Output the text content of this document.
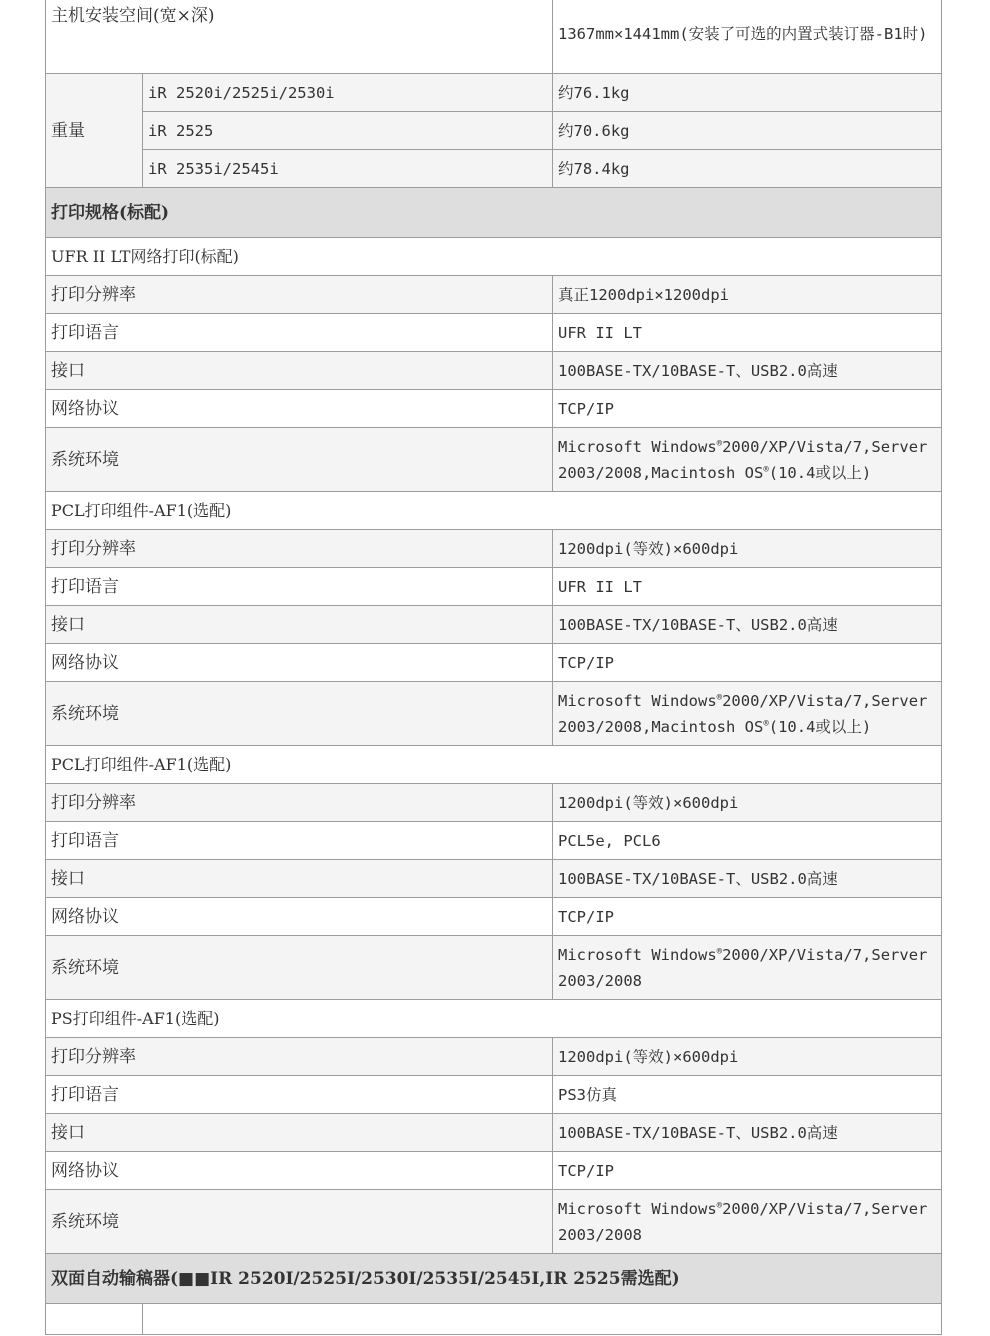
主机安装空间(宽×深)		1367mm×1441mm(安装了可选的内置式装订器-B1时)
重量	iR 2520i/2525i/2530i	约76.1kg
	iR 2525	约70.6kg
	iR 2535i/2545i	约78.4kg
打印规格(标配)		
UFR II LT网络打印(标配)		
打印分辨率		真正1200dpi×1200dpi
打印语言		UFR II LT
接口		100BASE-TX/10BASE-T、USB2.0高速
网络协议		TCP/IP
系统环境		Microsoft Windows®2000/XP/Vista/7,Server
2003/2008,Macintosh OS®(10.4或以上)
PCL打印组件-AF1(选配)		
打印分辨率		1200dpi(等效)×600dpi
打印语言		UFR II LT
接口		100BASE-TX/10BASE-T、USB2.0高速
网络协议		TCP/IP
系统环境		Microsoft Windows®2000/XP/Vista/7,Server
2003/2008,Macintosh OS®(10.4或以上)
PCL打印组件-AF1(选配)		
打印分辨率		1200dpi(等效)×600dpi
打印语言		PCL5e, PCL6
接口		100BASE-TX/10BASE-T、USB2.0高速
网络协议		TCP/IP
系统环境		Microsoft Windows®2000/XP/Vista/7,Server
2003/2008
PS打印组件-AF1(选配)		
打印分辨率		1200dpi(等效)×600dpi
打印语言		PS3仿真
接口		100BASE-TX/10BASE-T、USB2.0高速
网络协议		TCP/IP
系统环境		Microsoft Windows®2000/XP/Vista/7,Server
2003/2008
双面自动输稿器(■■IR 2520I/2525I/2530I/2535I/2545I,IR 2525需选配)		
